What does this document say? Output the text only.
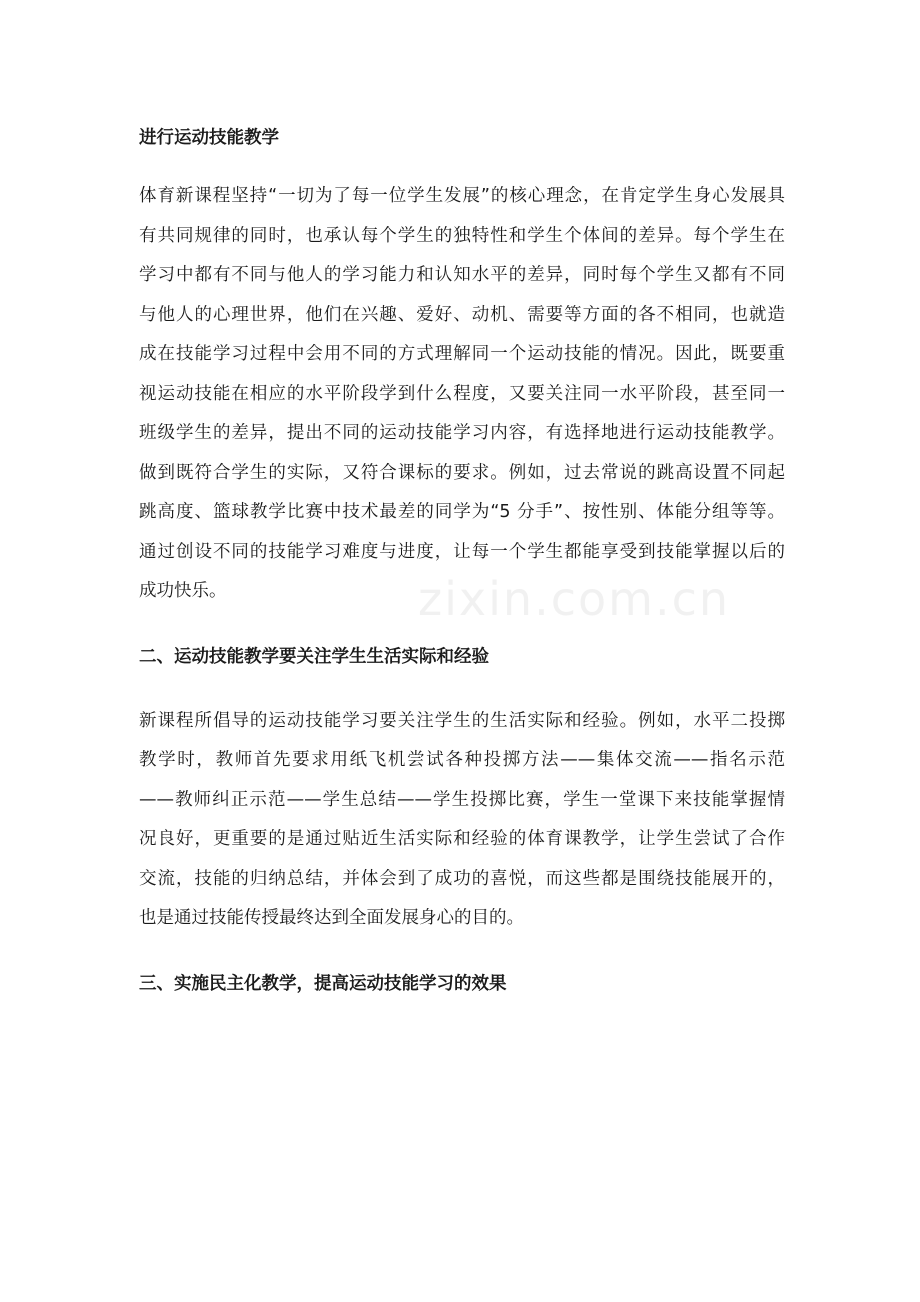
zixin.com.cn
进行运动技能教学
体育新课程坚持“一切为了每一位学生发展”的核心理念，在肯定学生身心发展具
有共同规律的同时，也承认每个学生的独特性和学生个体间的差异。每个学生在
学习中都有不同与他人的学习能力和认知水平的差异，同时每个学生又都有不同
与他人的心理世界，他们在兴趣、爱好、动机、需要等方面的各不相同，也就造
成在技能学习过程中会用不同的方式理解同一个运动技能的情况。因此，既要重
视运动技能在相应的水平阶段学到什么程度，又要关注同一水平阶段，甚至同一
班级学生的差异，提出不同的运动技能学习内容，有选择地进行运动技能教学。
做到既符合学生的实际，又符合课标的要求。例如，过去常说的跳高设置不同起
跳高度、篮球教学比赛中技术最差的同学为“5 分手”、按性别、体能分组等等。
通过创设不同的技能学习难度与进度，让每一个学生都能享受到技能掌握以后的
成功快乐。
二、运动技能教学要关注学生生活实际和经验
新课程所倡导的运动技能学习要关注学生的生活实际和经验。例如，水平二投掷
教学时，教师首先要求用纸飞机尝试各种投掷方法——集体交流——指名示范
——教师纠正示范——学生总结——学生投掷比赛，学生一堂课下来技能掌握情
况良好，更重要的是通过贴近生活实际和经验的体育课教学，让学生尝试了合作
交流，技能的归纳总结，并体会到了成功的喜悦，而这些都是围绕技能展开的，
也是通过技能传授最终达到全面发展身心的目的。
三、实施民主化教学，提高运动技能学习的效果
